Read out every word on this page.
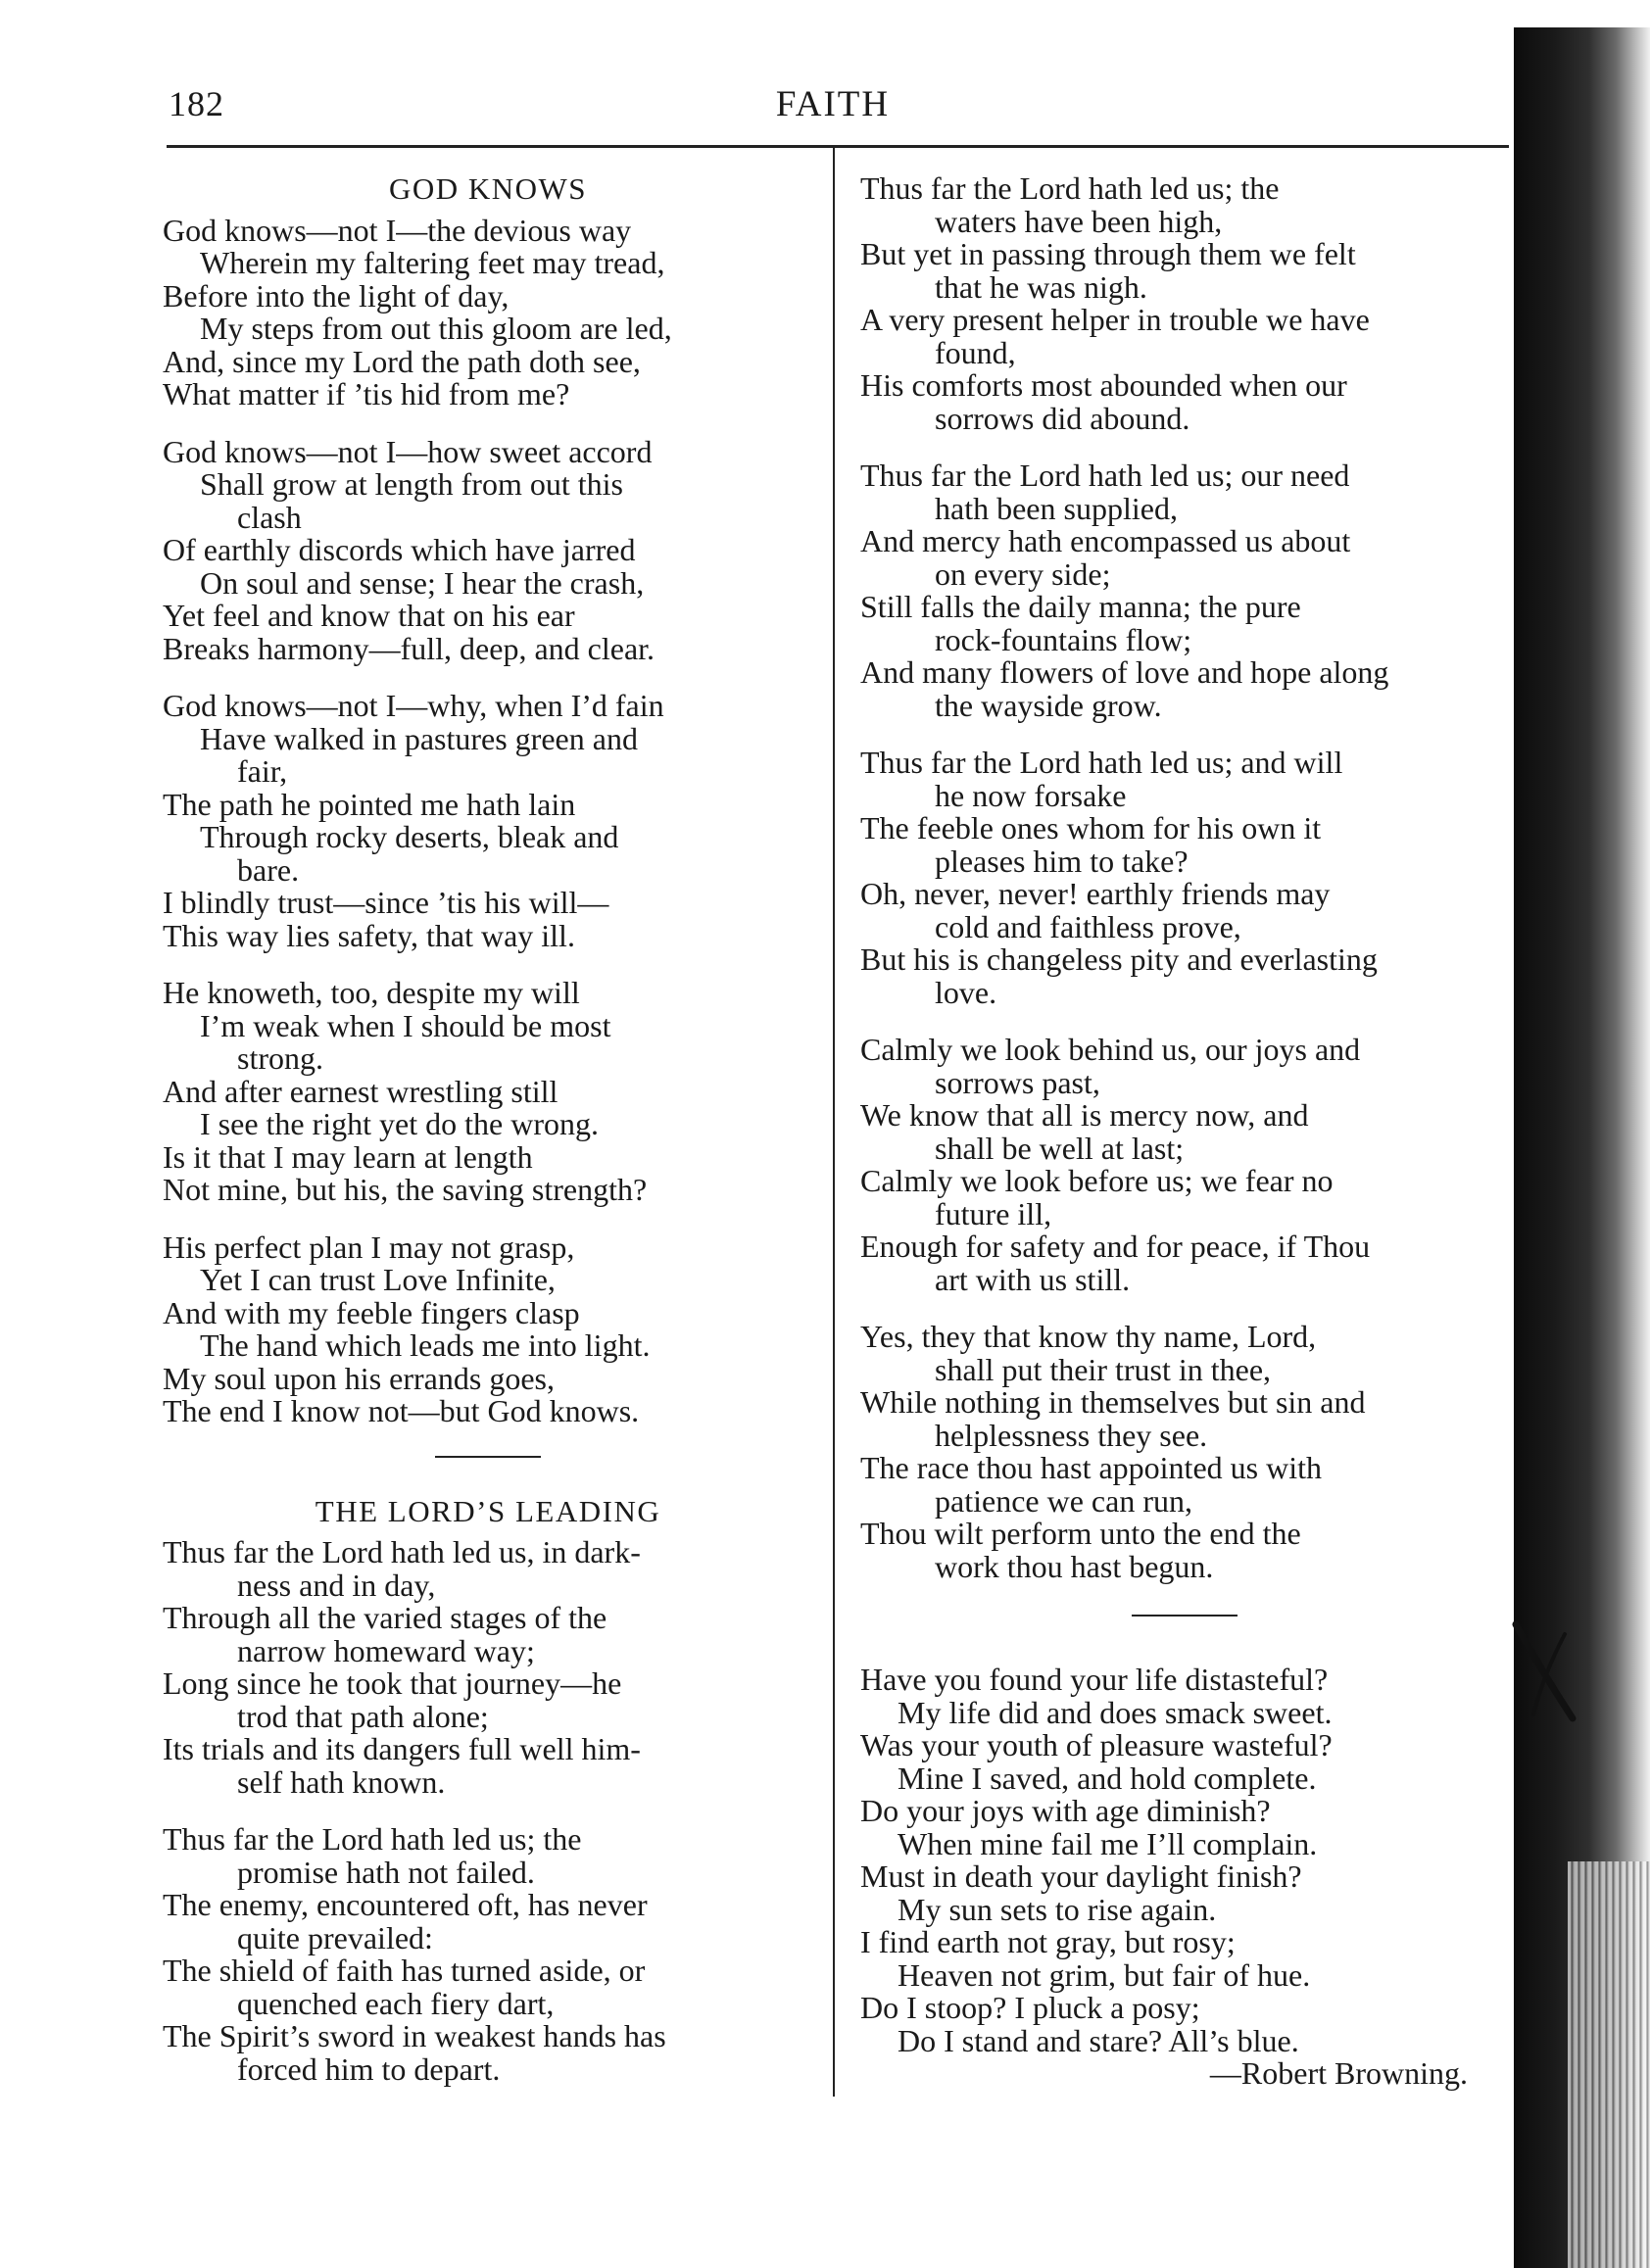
182	FAITH
GOD KNOWS
God knows—not I—the devious way
Wherein my faltering feet may tread,
Before into the light of day,
My steps from out this gloom are led,
And, since my Lord the path doth see,
What matter if ’tis hid from me?
God knows—not I—how sweet accord
Shall grow at length from out this
clash
Of earthly discords which have jarred
On soul and sense; I hear the crash,
Yet feel and know that on his ear
Breaks harmony—full, deep, and clear.
God knows—not I—why, when I’d fain
Have walked in pastures green and
fair,
The path he pointed me hath lain
Through rocky deserts, bleak and
bare.
I blindly trust—since ’tis his will—
This way lies safety, that way ill.
He knoweth, too, despite my will
I’m weak when I should be most
strong.
And after earnest wrestling still
I see the right yet do the wrong.
Is it that I may learn at length
Not mine, but his, the saving strength?
His perfect plan I may not grasp,
Yet I can trust Love Infinite,
And with my feeble fingers clasp
The hand which leads me into light.
My soul upon his errands goes,
The end I know not—but God knows.
THE LORD’S LEADING
Thus far the Lord hath led us, in dark-
ness and in day,
Through all the varied stages of the
narrow homeward way;
Long since he took that journey—he
trod that path alone;
Its trials and its dangers full well him-
self hath known.
Thus far the Lord hath led us; the
promise hath not failed.
The enemy, encountered oft, has never
quite prevailed:
The shield of faith has turned aside, or
quenched each fiery dart,
The Spirit’s sword in weakest hands has
forced him to depart.
Thus far the Lord hath led us; the
waters have been high,
But yet in passing through them we felt
that he was nigh.
A very present helper in trouble we have
found,
His comforts most abounded when our
sorrows did abound.
Thus far the Lord hath led us; our need
hath been supplied,
And mercy hath encompassed us about
on every side;
Still falls the daily manna; the pure
rock-fountains flow;
And many flowers of love and hope along
the wayside grow.
Thus far the Lord hath led us; and will
he now forsake
The feeble ones whom for his own it
pleases him to take?
Oh, never, never! earthly friends may
cold and faithless prove,
But his is changeless pity and everlasting
love.
Calmly we look behind us, our joys and
sorrows past,
We know that all is mercy now, and
shall be well at last;
Calmly we look before us; we fear no
future ill,
Enough for safety and for peace, if Thou
art with us still.
Yes, they that know thy name, Lord,
shall put their trust in thee,
While nothing in themselves but sin and
helplessness they see.
The race thou hast appointed us with
patience we can run,
Thou wilt perform unto the end the
work thou hast begun.
Have you found your life distasteful?
My life did and does smack sweet.
Was your youth of pleasure wasteful?
Mine I saved, and hold complete.
Do your joys with age diminish?
When mine fail me I’ll complain.
Must in death your daylight finish?
My sun sets to rise again.
I find earth not gray, but rosy;
Heaven not grim, but fair of hue.
Do I stoop? I pluck a posy;
Do I stand and stare? All’s blue.
—Robert Browning.
